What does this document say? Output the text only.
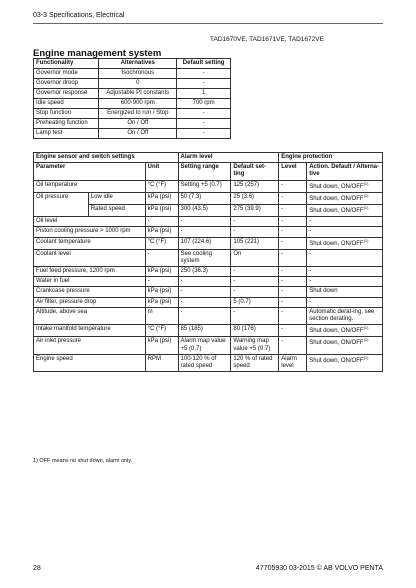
03-3 Specifications, Electrical
TAD1670VE, TAD1671VE, TAD1672VE
Engine management system
Functionality	Alternatives	Default setting
Governor mode	Isochronous	-
Governor droop	0	-
Governor response	Adjustable PI constants	1
Idle speed	600-900 rpm	700 rpm
Stop function	Energized to run / Stop	-
Preheating function	On / Off	-
Lamp test	On / Off	-
Engine sensor and switch settings			Alarm level		Engine protection	
Parameter		Unit	Setting range	Default set-ting	Level	Action. Default / Alterna-tive
Oil temperature		°C (°F)	Setting +5 (0.7)	125 (257)	-	Shut down, ON/OFF$^{(1)}$
Oil pressure	Low idle	kPa (psi)	50 (7.3)	25 (3.6)	-	Shut down, ON/OFF$^{(1)}$
	Rated speed	kPa (psi)	300 (43.5)	275 (39.9)	-	Shut down, ON/OFF$^{(1)}$
Oil level		-	-	-	-	-
Piston cooling pressure > 1000 rpm		kPa (psi)	-	-	-	-
Coolant temperature		°C (°F)	107 (224.6)	105 (221)	-	Shut down, ON/OFF$^{(1)}$
Coolant level		-	See cooling system	On	-	-
Fuel feed pressure, 1200 rpm		kPa (psi)	250 (36.3)	-	-	-
Water in fuel		-	-	-	-	-
Crankcase pressure		kPa (psi)	-	-	-	Shut down
Air filter, pressure drop		kPa (psi)	-	5 (0.7)	-	-
Altitude, above sea		m	-	-	-	Automatic derat-ing, see section derating.
Intake manifold temperature		°C (°F)	85 (185)	80 (176)	-	Shut down, ON/OFF$^{(1)}$
Air inlet pressure		kPa (psi)	Alarm map value +5 (0.7)	Warning map value +5 (0.7)	-	Shut down, ON/OFF$^{(1)}$
Engine speed		RPM	100-120 % of rated speed	120 % of rated speed	Alarm level	Shut down, ON/OFF$^{(1)}$
1) OFF means no shut down, alarm only.
28	47705930 03-2015 © AB VOLVO PENTA
